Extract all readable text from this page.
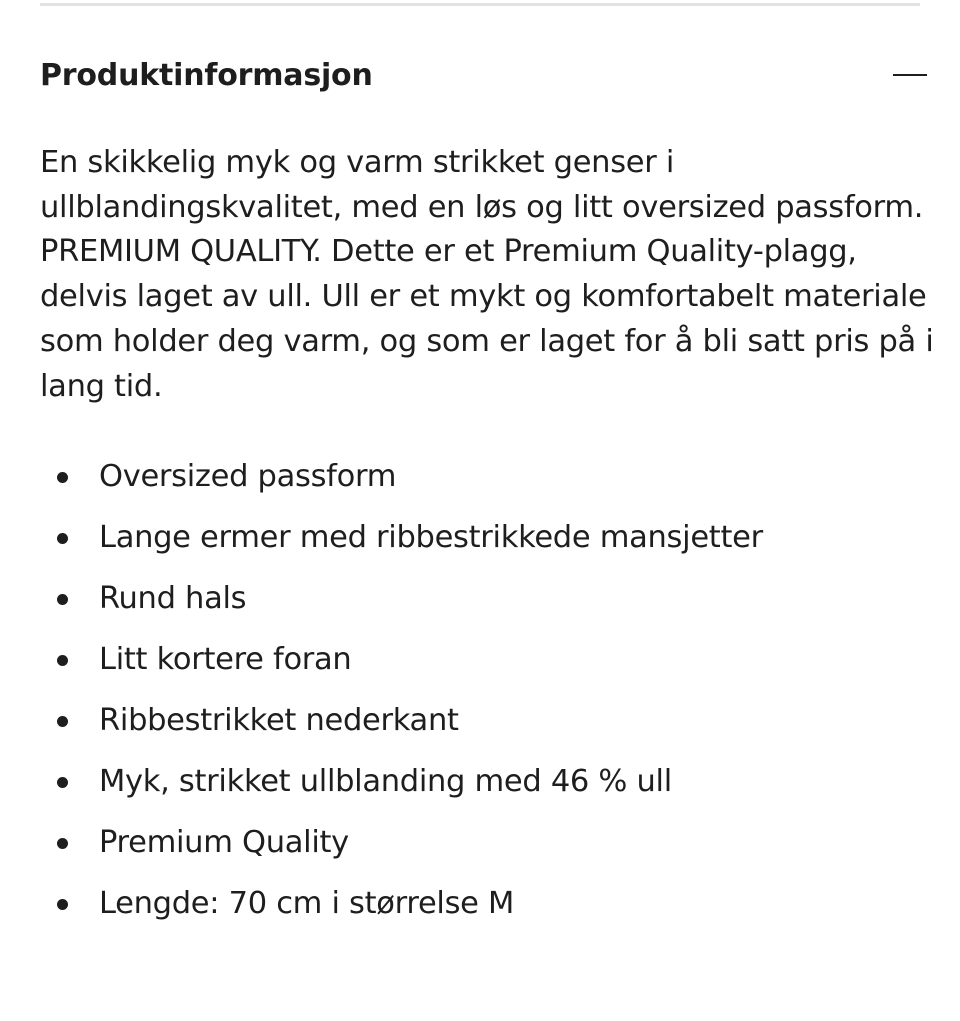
Produktinformasjon

En skikkelig myk og varm strikket genser i ullblandingskvalitet, med en løs og litt oversized passform. PREMIUM QUALITY. Dette er et Premium Quality-plagg, delvis laget av ull. Ull er et mykt og komfortabelt materiale som holder deg varm, og som er laget for å bli satt pris på i lang tid.

Oversized passform
Lange ermer med ribbestrikkede mansjetter
Rund hals
Litt kortere foran
Ribbestrikket nederkant
Myk, strikket ullblanding med 46 % ull
Premium Quality
Lengde: 70 cm i størrelse M
